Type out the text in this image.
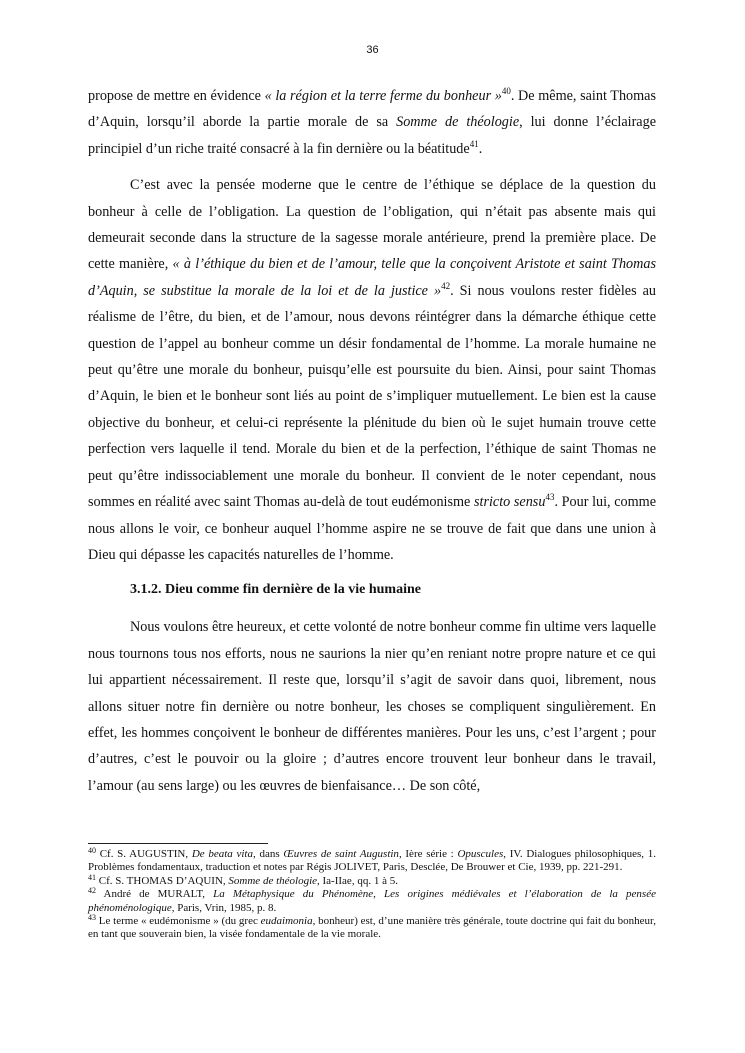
36

propose de mettre en évidence « la région et la terre ferme du bonheur »$^{40}$. De même, saint Thomas d’Aquin, lorsqu’il aborde la partie morale de sa Somme de théologie, lui donne l’éclairage principiel d’un riche traité consacré à la fin dernière ou la béatitude$^{41}$.

C’est avec la pensée moderne que le centre de l’éthique se déplace de la question du bonheur à celle de l’obligation. La question de l’obligation, qui n’était pas absente mais qui demeurait seconde dans la structure de la sagesse morale antérieure, prend la première place. De cette manière, « à l’éthique du bien et de l’amour, telle que la conçoivent Aristote et saint Thomas d’Aquin, se substitue la morale de la loi et de la justice »$^{42}$. Si nous voulons rester fidèles au réalisme de l’être, du bien, et de l’amour, nous devons réintégrer dans la démarche éthique cette question de l’appel au bonheur comme un désir fondamental de l’homme. La morale humaine ne peut qu’être une morale du bonheur, puisqu’elle est poursuite du bien. Ainsi, pour saint Thomas d’Aquin, le bien et le bonheur sont liés au point de s’impliquer mutuellement. Le bien est la cause objective du bonheur, et celui-ci représente la plénitude du bien où le sujet humain trouve cette perfection vers laquelle il tend. Morale du bien et de la perfection, l’éthique de saint Thomas ne peut qu’être indissociablement une morale du bonheur. Il convient de le noter cependant, nous sommes en réalité avec saint Thomas au-delà de tout eudémonisme stricto sensu$^{43}$. Pour lui, comme nous allons le voir, ce bonheur auquel l’homme aspire ne se trouve de fait que dans une union à Dieu qui dépasse les capacités naturelles de l’homme.

3.1.2. Dieu comme fin dernière de la vie humaine

Nous voulons être heureux, et cette volonté de notre bonheur comme fin ultime vers laquelle nous tournons tous nos efforts, nous ne saurions la nier qu’en reniant notre propre nature et ce qui lui appartient nécessairement. Il reste que, lorsqu’il s’agit de savoir dans quoi, librement, nous allons situer notre fin dernière ou notre bonheur, les choses se compliquent singulièrement. En effet, les hommes conçoivent le bonheur de différentes manières. Pour les uns, c’est l’argent ; pour d’autres, c’est le pouvoir ou la gloire ; d’autres encore trouvent leur bonheur dans le travail, l’amour (au sens large) ou les œuvres de bienfaisance… De son côté,

$^{40}$ Cf. S. AUGUSTIN, De beata vita, dans Œuvres de saint Augustin, Ière série : Opuscules, IV. Dialogues philosophiques, 1. Problèmes fondamentaux, traduction et notes par Régis JOLIVET, Paris, Desclée, De Brouwer et Cie, 1939, pp. 221-291.

$^{41}$ Cf. S. THOMAS D’AQUIN, Somme de théologie, Ia-IIae, qq. 1 à 5.

$^{42}$ André de MURALT, La Métaphysique du Phénomène, Les origines médiévales et l’élaboration de la pensée phénoménologique, Paris, Vrin, 1985, p. 8.

$^{43}$ Le terme « eudémonisme » (du grec eudaimonia, bonheur) est, d’une manière très générale, toute doctrine qui fait du bonheur, en tant que souverain bien, la visée fondamentale de la vie morale.
